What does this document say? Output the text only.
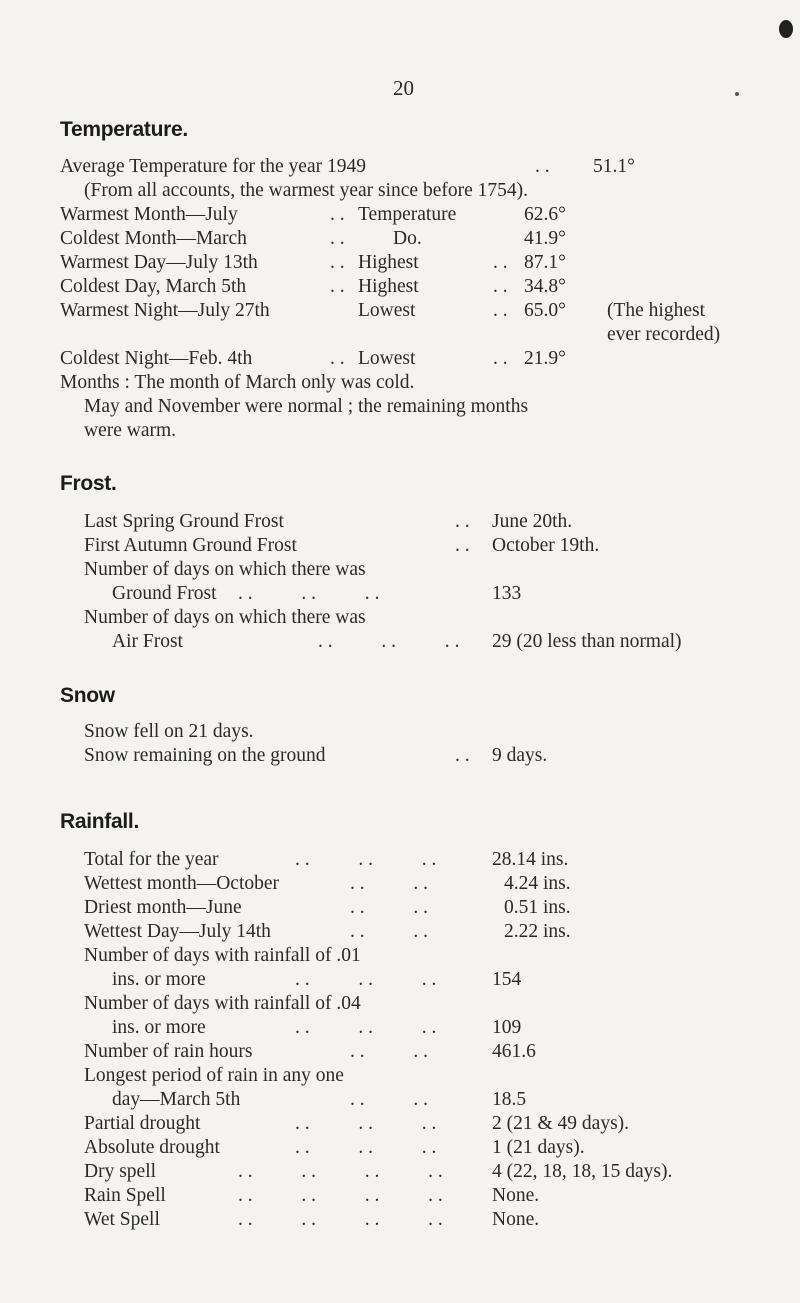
20
Temperature.
Average Temperature for the year 1949	. . 51.1°
(From all accounts, the warmest year since before 1754).
Warmest Month—July	. . Temperature	62.6°
Coldest Month—March	. . Do.	41.9°
Warmest Day—July 13th	. . Highest	. . 87.1°
Coldest Day, March 5th	. . Highest	. . 34.8°
Warmest Night—July 27th	Lowest	. . 65.0° (The highest
ever recorded)
Coldest Night—Feb. 4th	. . Lowest	. . 21.9°
Months : The month of March only was cold.
May and November were normal ; the remaining months
were warm.
Frost.
Last Spring Ground Frost	. . June 20th.
First Autumn Ground Frost	. . October 19th.
Number of days on which there was
Ground Frost . .          . .          . .	133
Number of days on which there was
Air Frost	. .          . .          . . 29 (20 less than normal)
Snow
Snow fell on 21 days.
Snow remaining on the ground	. . 9 days.
Rainfall.
Total for the year	. .          . .          . .	28.14 ins.
Wettest month—October	. .          . .	4.24 ins.
Driest month—June	. .          . .	0.51 ins.
Wettest Day—July 14th	. .          . .	2.22 ins.
Number of days with rainfall of .01
ins. or more	. .          . .          . .	154
Number of days with rainfall of .04
ins. or more	. .          . .          . .	109
Number of rain hours	. .          . .	461.6
Longest period of rain in any one
day—March 5th	. .          . .	18.5
Partial drought	. .          . .          . .	2 (21 & 49 days).
Absolute drought	. .          . .          . .	1 (21 days).
Dry spell	. .          . .          . .          . .	4 (22, 18, 18, 15 days).
Rain Spell	. .          . .          . .          . .	None.
Wet Spell	. .          . .          . .          . .	None.
